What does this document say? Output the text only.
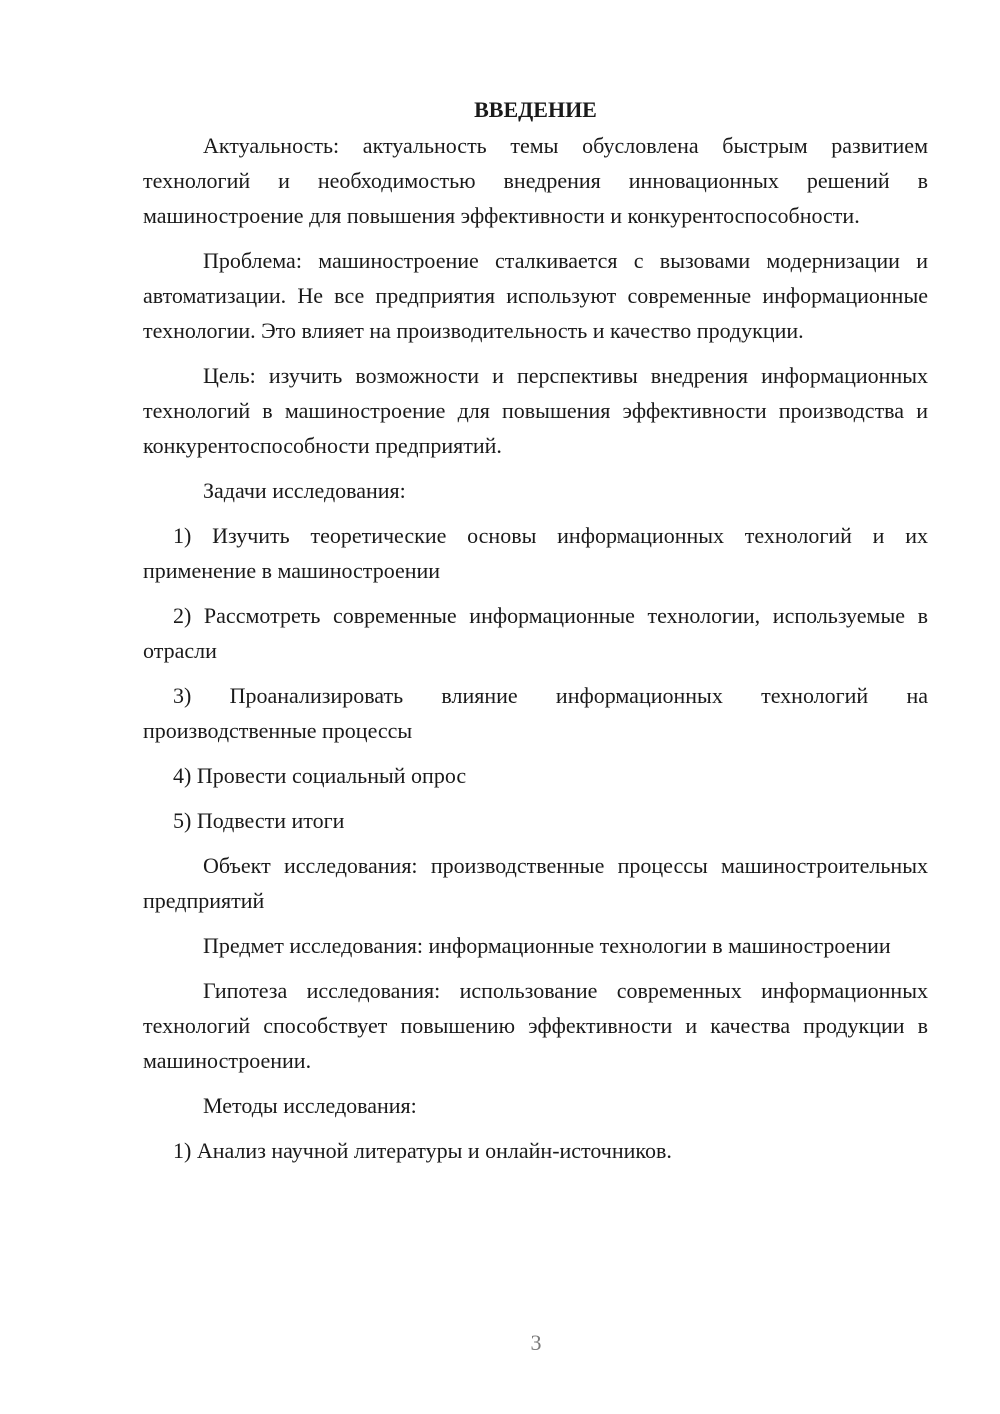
ВВЕДЕНИЕ

Актуальность: актуальность темы обусловлена быстрым развитием технологий и необходимостью внедрения инновационных решений в машиностроение для повышения эффективности и конкурентоспособности.

Проблема: машиностроение сталкивается с вызовами модернизации и автоматизации. Не все предприятия используют современные информационные технологии. Это влияет на производительность и качество продукции.

Цель: изучить возможности и перспективы внедрения информационных технологий в машиностроение для повышения эффективности производства и конкурентоспособности предприятий.

Задачи исследования:

1) Изучить теоретические основы информационных технологий и их применение в машиностроении

2) Рассмотреть современные информационные технологии, используемые в отрасли

3) Проанализировать влияние информационных технологий на производственные процессы

4) Провести социальный опрос

5) Подвести итоги

Объект исследования: производственные процессы машиностроительных предприятий

Предмет исследования: информационные технологии в машиностроении

Гипотеза исследования: использование современных информационных технологий способствует повышению эффективности и качества продукции в машиностроении.

Методы исследования:

1) Анализ научной литературы и онлайн-источников.

3
